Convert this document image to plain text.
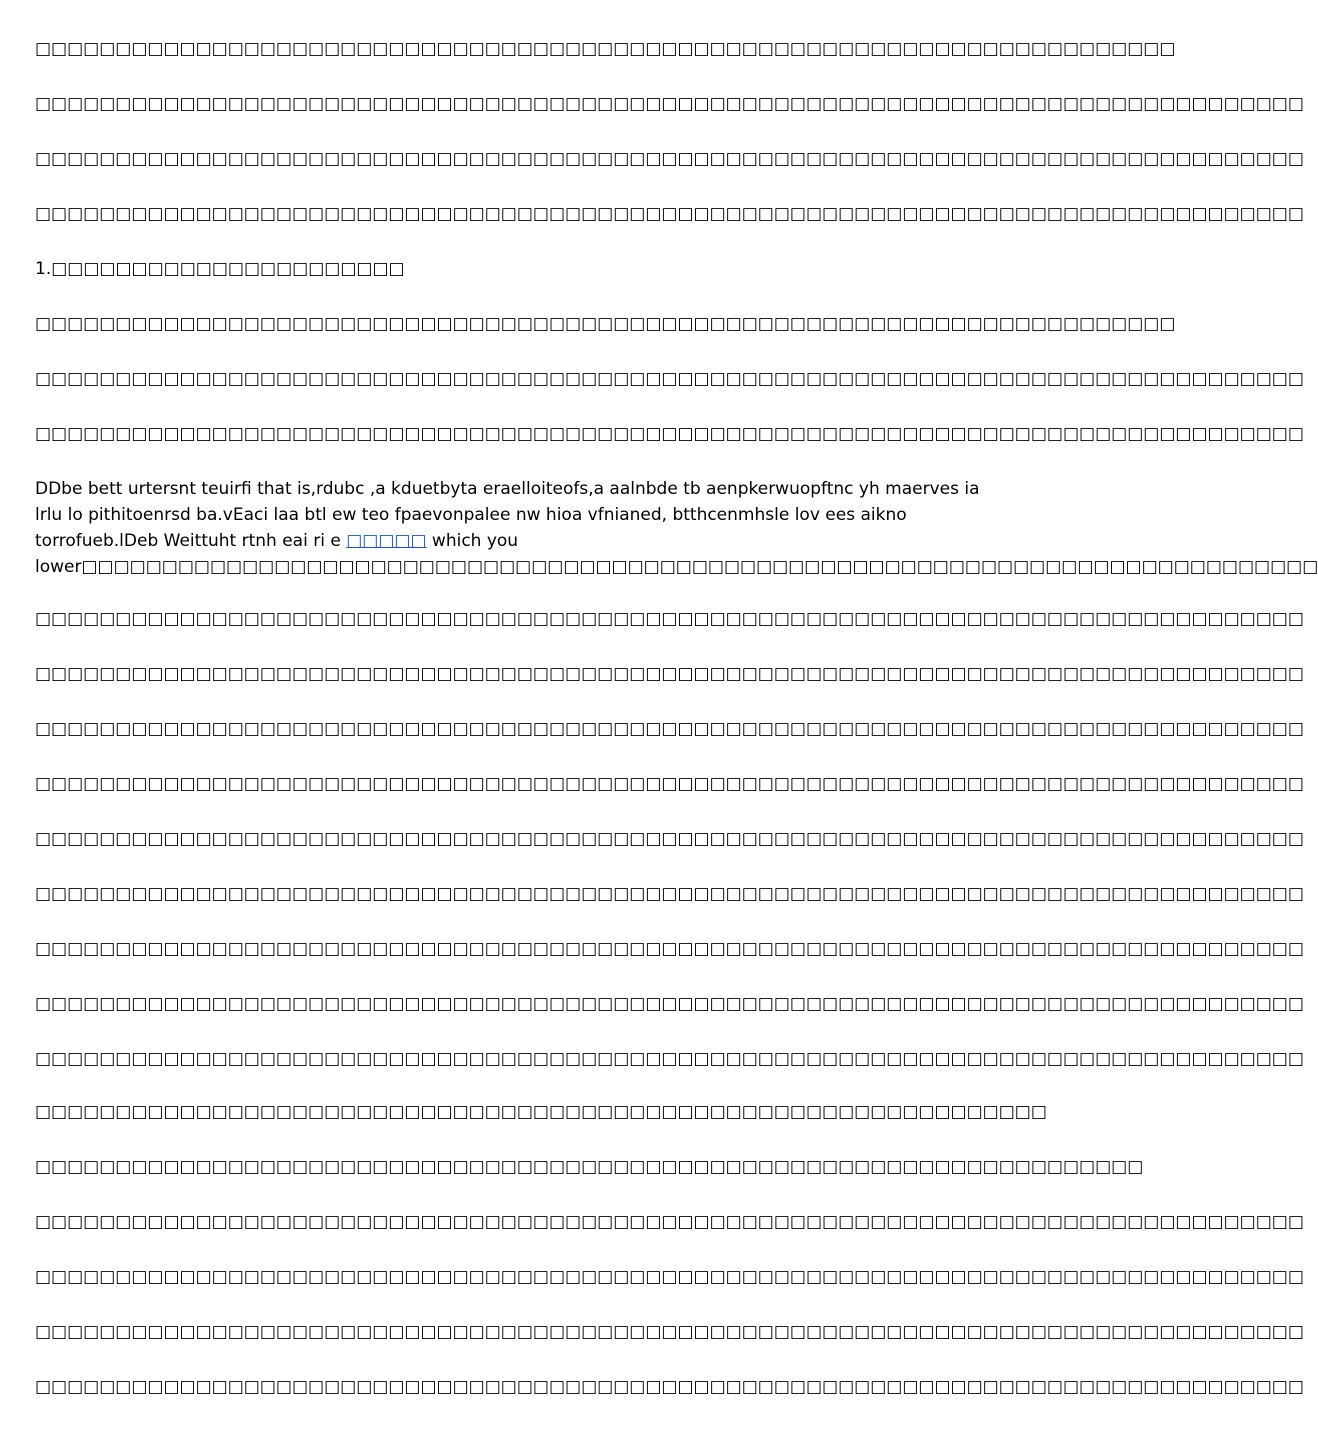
□□□□□□□□□□□□□□□□□□□□□□□□□□□□□□□□□□□□□□□□□□□□□□□□□□□□□□□□□□□□□□□□□□□□□□□
□□□□□□□□□□□□□□□□□□□□□□□□□□□□□□□□□□□□□□□□□□□□□□□□□□□□□□□□□□□□□□□□□□□□□□□□□□□□□□□
□□□□□□□□□□□□□□□□□□□□□□□□□□□□□□□□□□□□□□□□□□□□□□□□□□□□□□□□□□□□□□□□□□□□□□□□□□□□□□□
□□□□□□□□□□□□□□□□□□□□□□□□□□□□□□□□□□□□□□□□□□□□□□□□□□□□□□□□□□□□□□□□□□□□□□□□□□□□□□□
1.□□□□□□□□□□□□□□□□□□□□□□
□□□□□□□□□□□□□□□□□□□□□□□□□□□□□□□□□□□□□□□□□□□□□□□□□□□□□□□□□□□□□□□□□□□□□□□
□□□□□□□□□□□□□□□□□□□□□□□□□□□□□□□□□□□□□□□□□□□□□□□□□□□□□□□□□□□□□□□□□□□□□□□□□□□□□□□
□□□□□□□□□□□□□□□□□□□□□□□□□□□□□□□□□□□□□□□□□□□□□□□□□□□□□□□□□□□□□□□□□□□□□□□□□□□□□□□
DDbe bett urtersnt teuirfi that is,rdubc ,a kduetbyta eraelloiteofs,a aalnbde tb aenpkerwuopftnc yh maerves ia lrlu lo pithitoenrsd ba.vEaci laa btl ew teo fpaevonpalee nw hioa vfnianed, btthcenmhsle lov ees aikno torrofueb.lDeb Weittuht rtnh eai ri e □□□□□ which you
lower□□□□□□□□□□□□□□□□□□□□□□□□□□□□□□□□□□□□□□□□□□□□□□□□□□□□□□□□□□□□□□□□□□□□□□□□□□□□□
□□□□□□□□□□□□□□□□□□□□□□□□□□□□□□□□□□□□□□□□□□□□□□□□□□□□□□□□□□□□□□□□□□□□□□□□□□□□□□□
□□□□□□□□□□□□□□□□□□□□□□□□□□□□□□□□□□□□□□□□□□□□□□□□□□□□□□□□□□□□□□□□□□□□□□□□□□□□□□□
□□□□□□□□□□□□□□□□□□□□□□□□□□□□□□□□□□□□□□□□□□□□□□□□□□□□□□□□□□□□□□□□□□□□□□□□□□□□□□□
□□□□□□□□□□□□□□□□□□□□□□□□□□□□□□□□□□□□□□□□□□□□□□□□□□□□□□□□□□□□□□□□□□□□□□□□□□□□□□□
□□□□□□□□□□□□□□□□□□□□□□□□□□□□□□□□□□□□□□□□□□□□□□□□□□□□□□□□□□□□□□□□□□□□□□□□□□□□□□□
□□□□□□□□□□□□□□□□□□□□□□□□□□□□□□□□□□□□□□□□□□□□□□□□□□□□□□□□□□□□□□□□□□□□□□□□□□□□□□□
□□□□□□□□□□□□□□□□□□□□□□□□□□□□□□□□□□□□□□□□□□□□□□□□□□□□□□□□□□□□□□□□□□□□□□□□□□□□□□□
□□□□□□□□□□□□□□□□□□□□□□□□□□□□□□□□□□□□□□□□□□□□□□□□□□□□□□□□□□□□□□□□□□□□□□□□□□□□□□□
□□□□□□□□□□□□□□□□□□□□□□□□□□□□□□□□□□□□□□□□□□□□□□□□□□□□□□□□□□□□□□□□□□□□□□□□□□□□□□□
□□□□□□□□□□□□□□□□□□□□□□□□□□□□□□□□□□□□□□□□□□□□□□□□□□□□□□□□□□□□□□□
□□□□□□□□□□□□□□□□□□□□□□□□□□□□□□□□□□□□□□□□□□□□□□□□□□□□□□□□□□□□□□□□□□□□□
□□□□□□□□□□□□□□□□□□□□□□□□□□□□□□□□□□□□□□□□□□□□□□□□□□□□□□□□□□□□□□□□□□□□□□□□□□□□□□□
□□□□□□□□□□□□□□□□□□□□□□□□□□□□□□□□□□□□□□□□□□□□□□□□□□□□□□□□□□□□□□□□□□□□□□□□□□□□□□□
□□□□□□□□□□□□□□□□□□□□□□□□□□□□□□□□□□□□□□□□□□□□□□□□□□□□□□□□□□□□□□□□□□□□□□□□□□□□□□□
□□□□□□□□□□□□□□□□□□□□□□□□□□□□□□□□□□□□□□□□□□□□□□□□□□□□□□□□□□□□□□□□□□□□□□□□□□□□□□□
